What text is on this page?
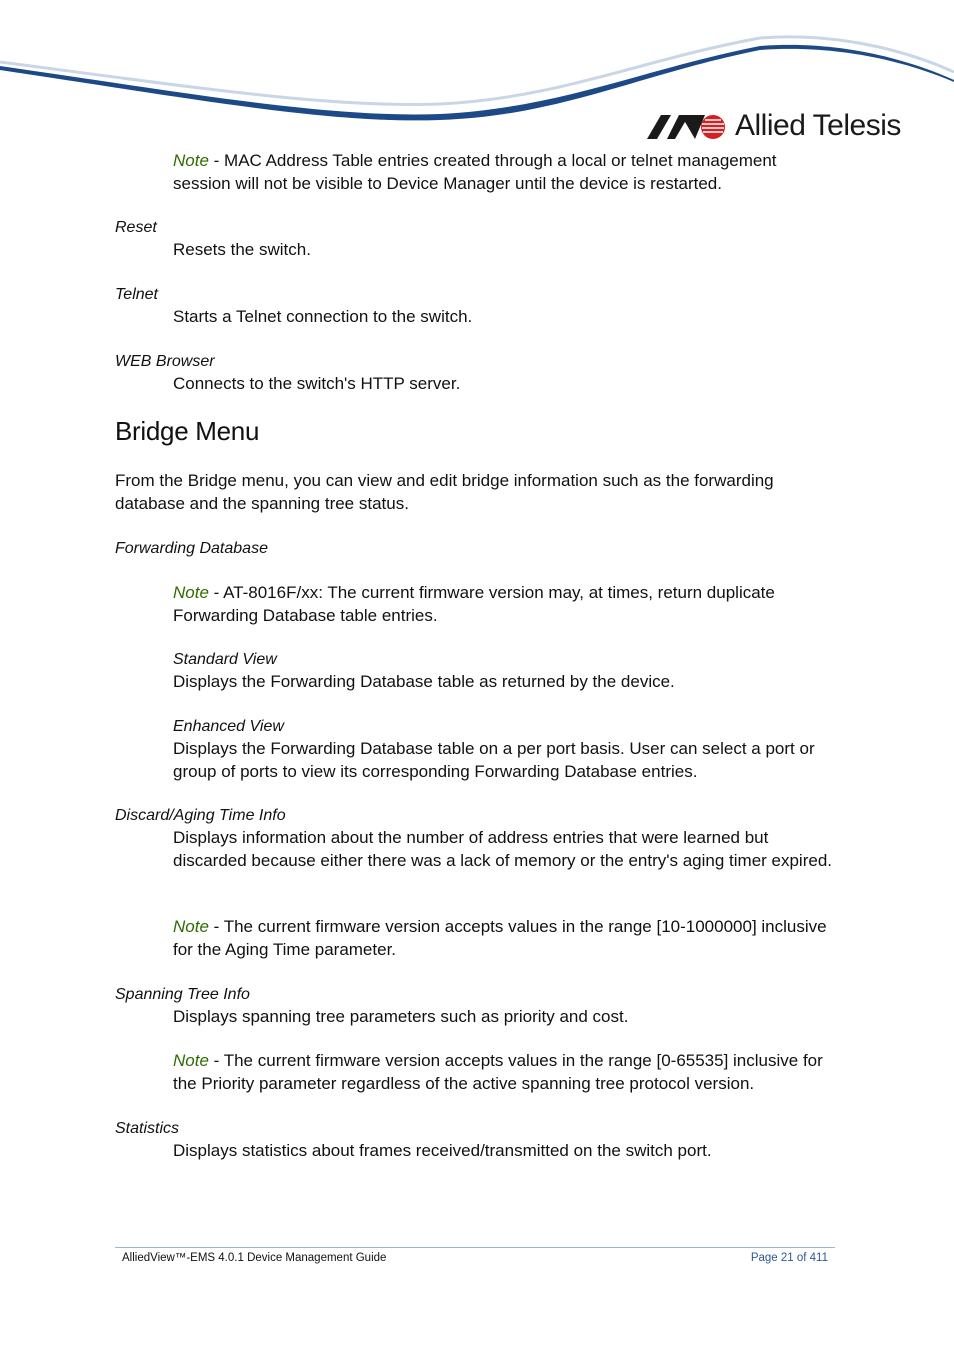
Allied Telesis

Note - MAC Address Table entries created through a local or telnet management session will not be visible to Device Manager until the device is restarted.

Reset

Resets the switch.

Telnet

Starts a Telnet connection to the switch.

WEB Browser

Connects to the switch's HTTP server.

Bridge Menu

From the Bridge menu, you can view and edit bridge information such as the forwarding database and the spanning tree status.

Forwarding Database

Note - AT-8016F/xx: The current firmware version may, at times, return duplicate Forwarding Database table entries.

Standard View

Displays the Forwarding Database table as returned by the device.

Enhanced View

Displays the Forwarding Database table on a per port basis. User can select a port or group of ports to view its corresponding Forwarding Database entries.

Discard/Aging Time Info

Displays information about the number of address entries that were learned but discarded because either there was a lack of memory or the entry's aging timer expired.

Note - The current firmware version accepts values in the range [10-1000000] inclusive for the Aging Time parameter.

Spanning Tree Info

Displays spanning tree parameters such as priority and cost.

Note - The current firmware version accepts values in the range [0-65535] inclusive for the Priority parameter regardless of the active spanning tree protocol version.

Statistics

Displays statistics about frames received/transmitted on the switch port.

AlliedView™-EMS 4.0.1 Device Management Guide	Page 21 of 411
